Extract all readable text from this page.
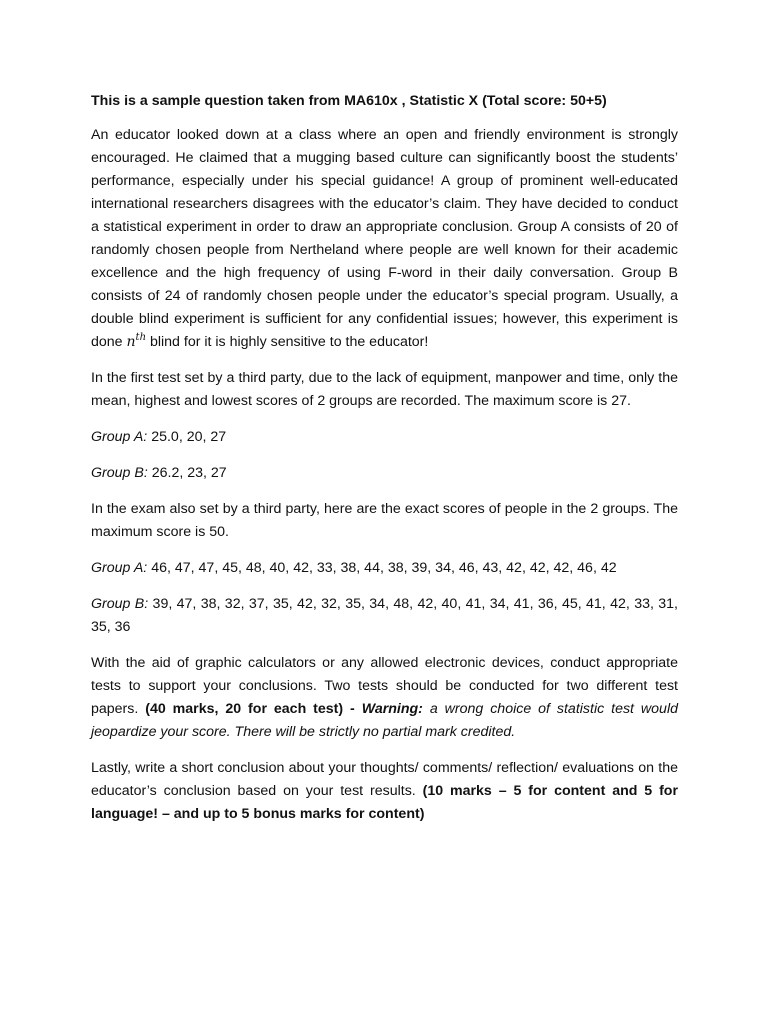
This is a sample question taken from MA610x , Statistic X (Total score: 50+5)

An educator looked down at a class where an open and friendly environment is strongly encouraged. He claimed that a mugging based culture can significantly boost the students’ performance, especially under his special guidance! A group of prominent well-educated international researchers disagrees with the educator’s claim. They have decided to conduct a statistical experiment in order to draw an appropriate conclusion. Group A consists of 20 of randomly chosen people from Nertheland where people are well known for their academic excellence and the high frequency of using F-word in their daily conversation. Group B consists of 24 of randomly chosen people under the educator’s special program. Usually, a double blind experiment is sufficient for any confidential issues; however, this experiment is done $n^{th}$ blind for it is highly sensitive to the educator!

In the first test set by a third party, due to the lack of equipment, manpower and time, only the mean, highest and lowest scores of 2 groups are recorded. The maximum score is 27.

Group A: 25.0, 20, 27

Group B: 26.2, 23, 27

In the exam also set by a third party, here are the exact scores of people in the 2 groups. The maximum score is 50.

Group A: 46, 47, 47, 45, 48, 40, 42, 33, 38, 44, 38, 39, 34, 46, 43, 42, 42, 42, 46, 42

Group B: 39, 47, 38, 32, 37, 35, 42, 32, 35, 34, 48, 42, 40, 41, 34, 41, 36, 45, 41, 42, 33, 31, 35, 36

With the aid of graphic calculators or any allowed electronic devices, conduct appropriate tests to support your conclusions. Two tests should be conducted for two different test papers. (40 marks, 20 for each test) - Warning: a wrong choice of statistic test would jeopardize your score. There will be strictly no partial mark credited.

Lastly, write a short conclusion about your thoughts/ comments/ reflection/ evaluations on the educator’s conclusion based on your test results. (10 marks – 5 for content and 5 for language! – and up to 5 bonus marks for content)
